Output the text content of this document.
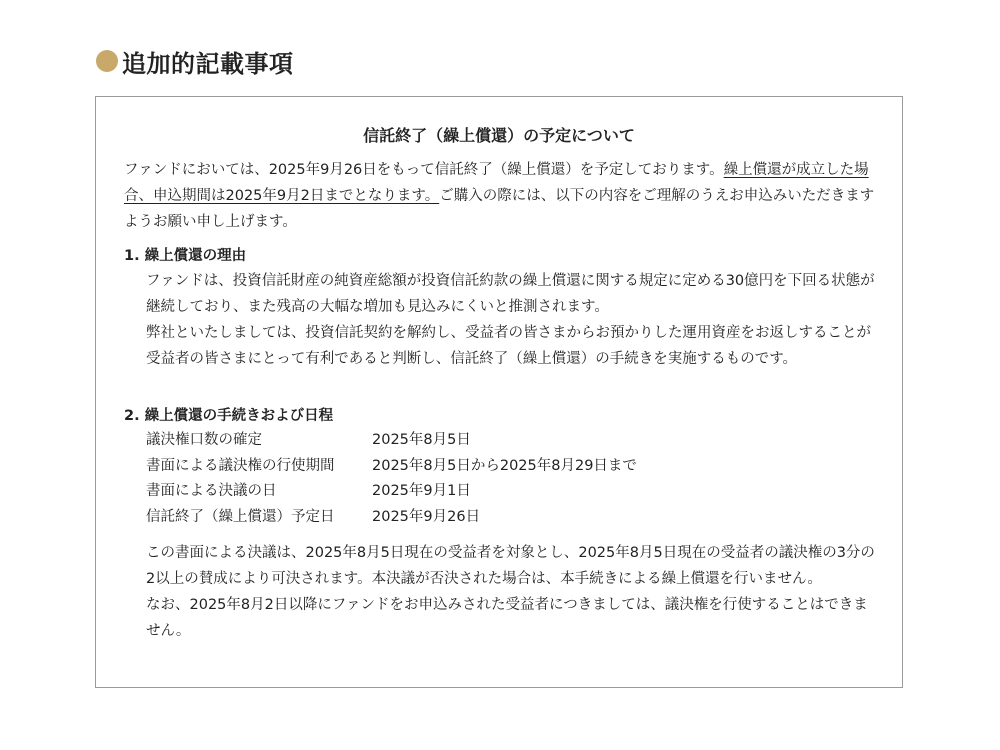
追加的記載事項
信託終了（繰上償還）の予定について
ファンドにおいては、2025年9月26日をもって信託終了（繰上償還）を予定しております。繰上償還が成立した場合、申込期間は2025年9月2日までとなります。ご購入の際には、以下の内容をご理解のうえお申込みいただきますようお願い申し上げます。
1. 繰上償還の理由

ファンドは、投資信託財産の純資産総額が投資信託約款の繰上償還に関する規定に定める30億円を下回る状態が継続しており、また残高の大幅な増加も見込みにくいと推測されます。

弊社といたしましては、投資信託契約を解約し、受益者の皆さまからお預かりした運用資産をお返しすることが受益者の皆さまにとって有利であると判断し、信託終了（繰上償還）の手続きを実施するものです。

2. 繰上償還の手続きおよび日程
議決権口数の確定	2025年8月5日
書面による議決権の行使期間	2025年8月5日から2025年8月29日まで
書面による決議の日	2025年9月1日
信託終了（繰上償還）予定日	2025年9月26日

この書面による決議は、2025年8月5日現在の受益者を対象とし、2025年8月5日現在の受益者の議決権の3分の2以上の賛成により可決されます。本決議が否決された場合は、本手続きによる繰上償還を行いません。

なお、2025年8月2日以降にファンドをお申込みされた受益者につきましては、議決権を行使することはできません。
